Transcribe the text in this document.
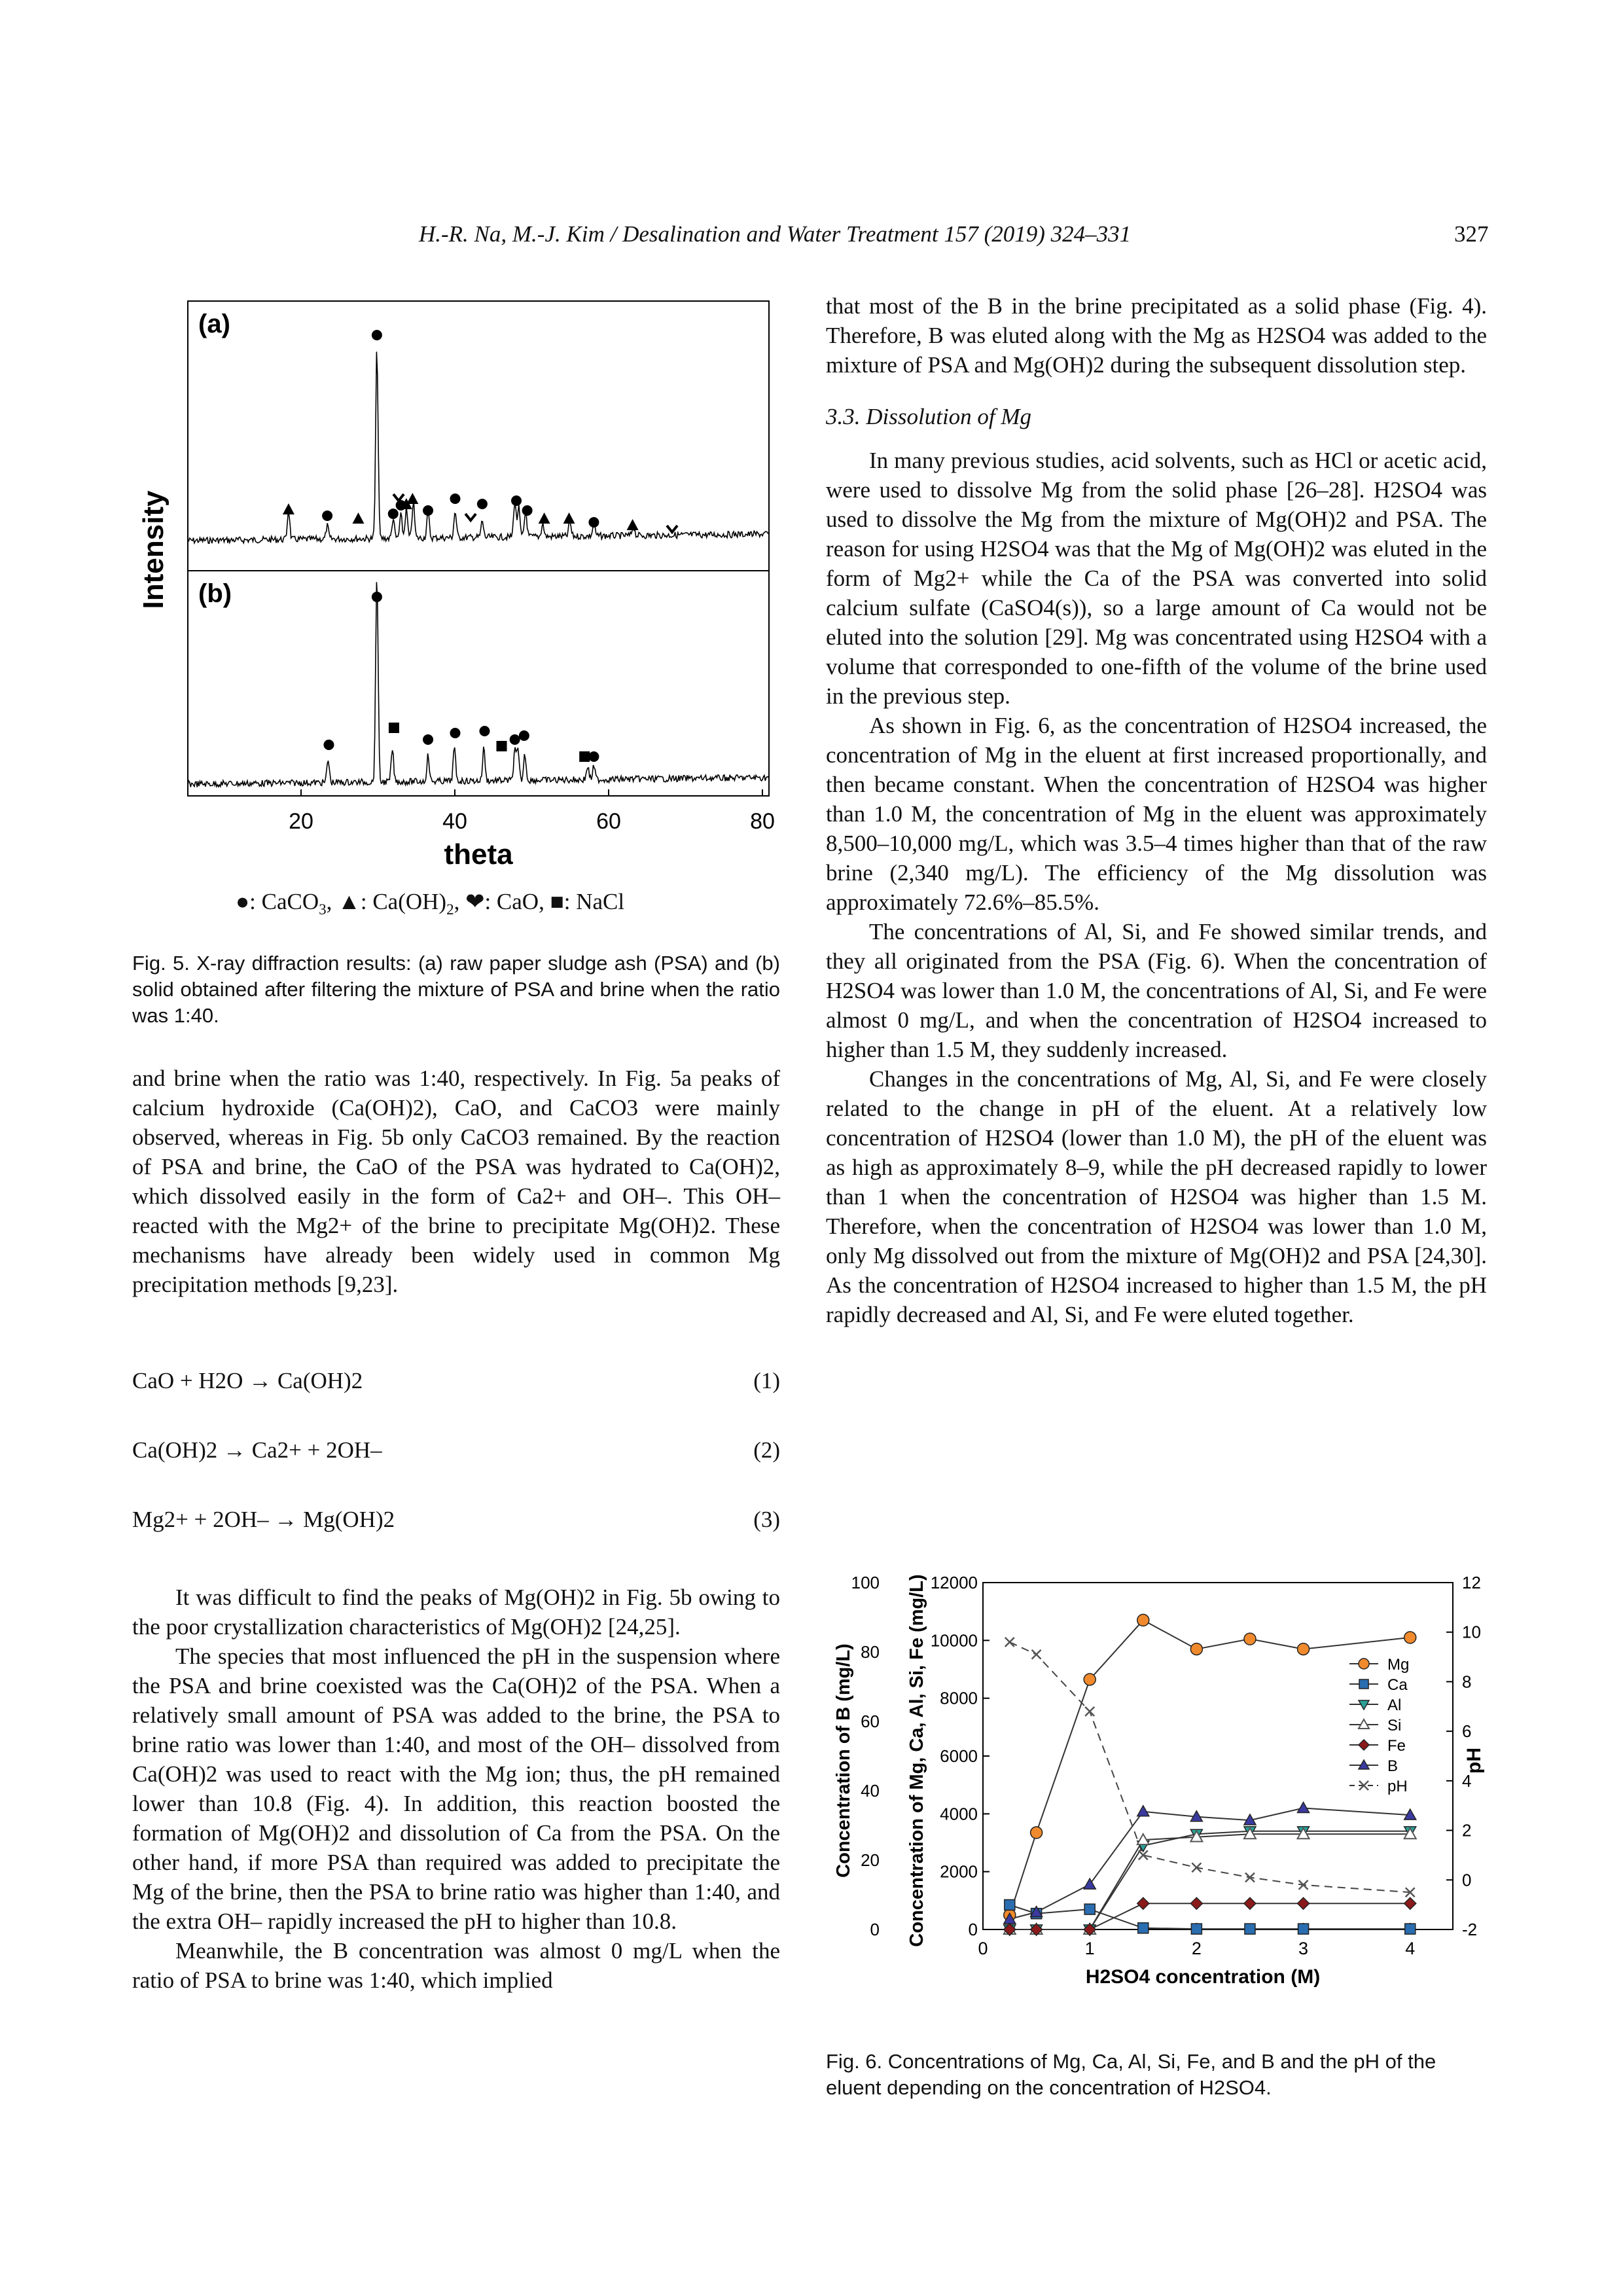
H.-R. Na, M.-J. Kim / Desalination and Water Treatment 157 (2019) 324–331	327
20	40	60	80
theta
Intensity
(a)
(b)
●: CaCO$_3$, ▲: $Ca(OH)_2$, ❤: CaO, ■: NaCl
Fig. 5. X-ray diffraction results: (a) raw paper sludge ash (PSA) and (b) solid obtained after filtering the mixture of PSA and brine when the ratio was 1:40.

and brine when the ratio was 1:40, respectively. In Fig. 5a peaks of calcium hydroxide (Ca(OH)2), CaO, and CaCO3 were mainly observed, whereas in Fig. 5b only CaCO3 remained. By the reaction of PSA and brine, the CaO of the PSA was hydrated to Ca(OH)2, which dissolved easily in the form of Ca2+ and OH–. This OH– reacted with the Mg2+ of the brine to precipitate Mg(OH)2. These mechanisms have already been widely used in common Mg precipitation methods [9,23].

CaO + H2O → Ca(OH)2	(1)
Ca(OH)2 → Ca2+ + 2OH–	(2)
Mg2+ + 2OH– → Mg(OH)2	(3)

It was difficult to find the peaks of Mg(OH)2 in Fig. 5b owing to the poor crystallization characteristics of Mg(OH)2 [24,25].

The species that most influenced the pH in the suspension where the PSA and brine coexisted was the Ca(OH)2 of the PSA. When a relatively small amount of PSA was added to the brine, the PSA to brine ratio was lower than 1:40, and most of the OH– dissolved from Ca(OH)2 was used to react with the Mg ion; thus, the pH remained lower than 10.8 (Fig. 4). In addition, this reaction boosted the formation of Mg(OH)2 and dissolution of Ca from the PSA. On the other hand, if more PSA than required was added to precipitate the Mg of the brine, then the PSA to brine ratio was higher than 1:40, and the extra OH– rapidly increased the pH to higher than 10.8.

Meanwhile, the B concentration was almost 0 mg/L when the ratio of PSA to brine was 1:40, which implied

that most of the B in the brine precipitated as a solid phase (Fig. 4). Therefore, B was eluted along with the Mg as H2SO4 was added to the mixture of PSA and Mg(OH)2 during the subsequent dissolution step.

3.3. Dissolution of Mg

In many previous studies, acid solvents, such as HCl or acetic acid, were used to dissolve Mg from the solid phase [26–28]. H2SO4 was used to dissolve the Mg from the mixture of Mg(OH)2 and PSA. The reason for using H2SO4 was that the Mg of Mg(OH)2 was eluted in the form of Mg2+ while the Ca of the PSA was converted into solid calcium sulfate (CaSO4(s)), so a large amount of Ca would not be eluted into the solution [29]. Mg was concentrated using H2SO4 with a volume that corresponded to one-fifth of the volume of the brine used in the previous step.

As shown in Fig. 6, as the concentration of H2SO4 increased, the concentration of Mg in the eluent at first increased proportionally, and then became constant. When the concentration of H2SO4 was higher than 1.0 M, the concentration of Mg in the eluent was approximately 8,500–10,000 mg/L, which was 3.5–4 times higher than that of the raw brine (2,340 mg/L). The efficiency of the Mg dissolution was approximately 72.6%–85.5%.

The concentrations of Al, Si, and Fe showed similar trends, and they all originated from the PSA (Fig. 6). When the concentration of H2SO4 was lower than 1.0 M, the concentrations of Al, Si, and Fe were almost 0 mg/L, and when the concentration of H2SO4 increased to higher than 1.5 M, they suddenly increased.

Changes in the concentrations of Mg, Al, Si, and Fe were closely related to the change in pH of the eluent. At a relatively low concentration of H2SO4 (lower than 1.0 M), the pH of the eluent was as high as approximately 8–9, while the pH decreased rapidly to lower than 1 when the concentration of H2SO4 was higher than 1.5 M. Therefore, when the concentration of H2SO4 was lower than 1.0 M, only Mg dissolved out from the mixture of Mg(OH)2 and PSA [24,30]. As the concentration of H2SO4 increased to higher than 1.5 M, the pH rapidly decreased and Al, Si, and Fe were eluted together.

0	1	2	3	4
0
2000
4000
6000
8000
10000
12000
0
20
40
60
80
100
-2
0
2
4
6
8
10
12
Mg
Ca
Al
Si
Fe
B
pH
H2SO4 concentration (M)
Concentration of B (mg/L)	Concentration of Mg, Ca, Al, Si, Fe (mg/L)	pH
Fig. 6. Concentrations of Mg, Ca, Al, Si, Fe, and B and the pH of the eluent depending on the concentration of H2SO4.
